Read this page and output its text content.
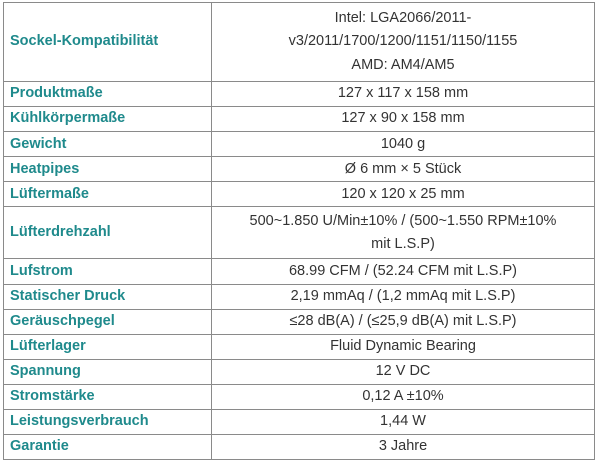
Sockel-Kompatibilität	Intel: LGA2066/2011-
v3/2011/1700/1200/1151/1150/1155
AMD: AM4/AM5
Produktmaße	127 x 117 x 158 mm
Kühlkörpermaße	127 x 90 x 158 mm
Gewicht	1040 g
Heatpipes	Ø 6 mm × 5 Stück
Lüftermaße	120 x 120 x 25 mm
Lüfterdrehzahl	500~1.850 U/Min±10% / (500~1.550 RPM±10%
mit L.S.P)
Lufstrom	68.99 CFM / (52.24 CFM mit L.S.P)
Statischer Druck	2,19 mmAq / (1,2 mmAq mit L.S.P)
Geräuschpegel	≤28 dB(A) / (≤25,9 dB(A) mit L.S.P)
Lüfterlager	Fluid Dynamic Bearing
Spannung	12 V DC
Stromstärke	0,12 A ±10%
Leistungsverbrauch	1,44 W
Garantie	3 Jahre
